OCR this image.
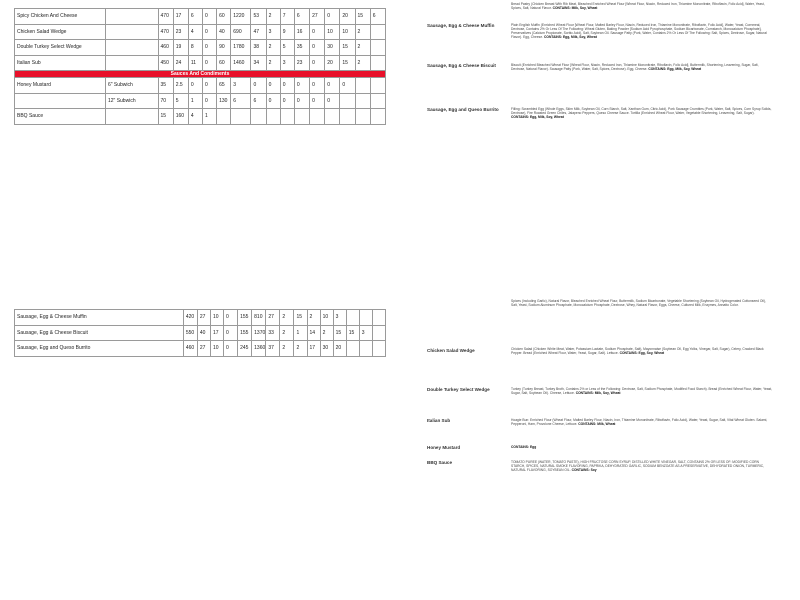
Spicy Chicken And Cheese		470	17	6	0	60	1220	53	2	7	6	27	0	20	15	6
Chicken Salad Wedge		470	23	4	0	40	690	47	3	9	16	0	10	10	2	
Double Turkey Select Wedge		460	19	8	0	90	1780	38	2	5	35	0	30	15	2	
Italian Sub		450	24	11	0	60	1460	34	2	3	23	0	20	15	2	
Sauces And Condiments																
Honey Mustard	6" Subwich	35	2.5	0	0	65	3	0	0	0	0	0	0	0		
	12" Subwich	70	5	1	0	130	6	6	0	0	0	0	0			
BBQ Sauce		15	160	4	1											
Bread Pastry (Chicken Breast With Rib Meat, Bleached Enriched Wheat Flour [Wheat Flour, Niacin, Reduced Iron, Thiamine Mononitrate, Riboflavin, Folic Acid], Water, Yeast, Spices, Salt, Natural Flavor. CONTAINS: Milk, Soy, Wheat
Sausage, Egg & Cheese Muffin	Plain English Muffin (Enriched Wheat Flour [Wheat Flour, Malted Barley Flour, Niacin, Reduced Iron, Thiamine Mononitrate, Riboflavin, Folic Acid], Water, Yeast, Cornmeal, Dextrose, Contains 2% Or Less Of The Following: Wheat Gluten, Baking Powder [Sodium Acid Pyrophosphate, Sodium Bicarbonate, Cornstarch, Monocalcium Phosphate], Preservatives (Calcium Propionate, Sorbic Acid), Salt, Soybean Oil. Sausage Patty (Pork, Water, Contains 2% Or Less Of The Following: Salt, Spices, Dextrose, Sugar, Natural Flavor). Egg, Cheese. CONTAINS: Egg, Milk, Soy, Wheat
Sausage, Egg & Cheese Biscuit	Biscuit (Enriched Bleached Wheat Flour [Wheat Flour, Niacin, Reduced Iron, Thiamine Mononitrate, Riboflavin, Folic Acid], Buttermilk, Shortening, Leavening, Sugar, Salt, Dextrose, Natural Flavor). Sausage Patty (Pork, Water, Salt, Spices, Dextrose). Egg, Cheese. CONTAINS: Egg, Milk, Soy, Wheat
Sausage, Egg and Queso Burrito	Filling: Scrambled Egg (Whole Eggs, Skim Milk, Soybean Oil, Corn Starch, Salt, Xanthan Gum, Citric Acid), Pork Sausage Crumbles (Pork, Water, Salt, Spices, Corn Syrup Solids, Dextrose), Fire Roasted Green Chiles, Jalapeno Peppers, Queso Cheese Sauce. Tortilla (Enriched Wheat Flour, Water, Vegetable Shortening, Leavening, Salt, Sugar). CONTAINS: Egg, Milk, Soy, Wheat
Sausage, Egg & Cheese Muffin	420	27	10	0	155	810	27	2	15	2	10	3			
Sausage, Egg & Cheese Biscuit	550	40	17	0	155	1370	33	2	1	14	2	15	15	3	
Sausage, Egg and Queso Burrito	460	27	10	0	245	1360	37	2	2	17	30	20			
Spices (Including Garlic), Natural Flavor, Bleached Enriched Wheat Flour, Buttermilk, Sodium Bicarbonate, Vegetable Shortening (Soybean Oil, Hydrogenated Cottonseed Oil), Salt, Yeast, Sodium Aluminum Phosphate, Monocalcium Phosphate, Dextrose, Whey, Natural Flavor, Eggs, Cheese, Cultured Milk, Enzymes, Annatto Color.
Chicken Salad Wedge	Chicken Salad (Chicken White Meat, Water, Potassium Lactate, Sodium Phosphate, Salt), Mayonnaise (Soybean Oil, Egg Yolks, Vinegar, Salt, Sugar), Celery, Cracked Black Pepper. Bread (Enriched Wheat Flour, Water, Yeast, Sugar, Salt). Lettuce. CONTAINS: Egg, Soy, Wheat
Double Turkey Select Wedge	Turkey (Turkey Breast, Turkey Broth, Contains 2% or Less of the Following: Dextrose, Salt, Sodium Phosphate, Modified Food Starch). Bread (Enriched Wheat Flour, Water, Yeast, Sugar, Salt, Soybean Oil). Cheese, Lettuce. CONTAINS: Milk, Soy, Wheat
Italian Sub	Hoagie Bun: Enriched Flour (Wheat Flour, Malted Barley Flour, Niacin, Iron, Thiamine Mononitrate, Riboflavin, Folic Acid), Water, Yeast, Sugar, Salt, Vital Wheat Gluten. Salami, Pepperoni, Ham, Provolone Cheese, Lettuce. CONTAINS: Milk, Wheat
Honey Mustard	CONTAINS: Egg
BBQ Sauce	TOMATO PUREE (WATER, TOMATO PASTE), HIGH FRUCTOSE CORN SYRUP, DISTILLED WHITE VINEGAR, SALT, CONTAINS 2% OR LESS OF: MODIFIED CORN STARCH, SPICES, NATURAL SMOKE FLAVORING, PAPRIKA, DEHYDRATED GARLIC, SODIUM BENZOATE AS A PRESERVATIVE, DEHYDRATED ONION, TURMERIC, NATURAL FLAVORING, SOYBEAN OIL. CONTAINS: Soy
